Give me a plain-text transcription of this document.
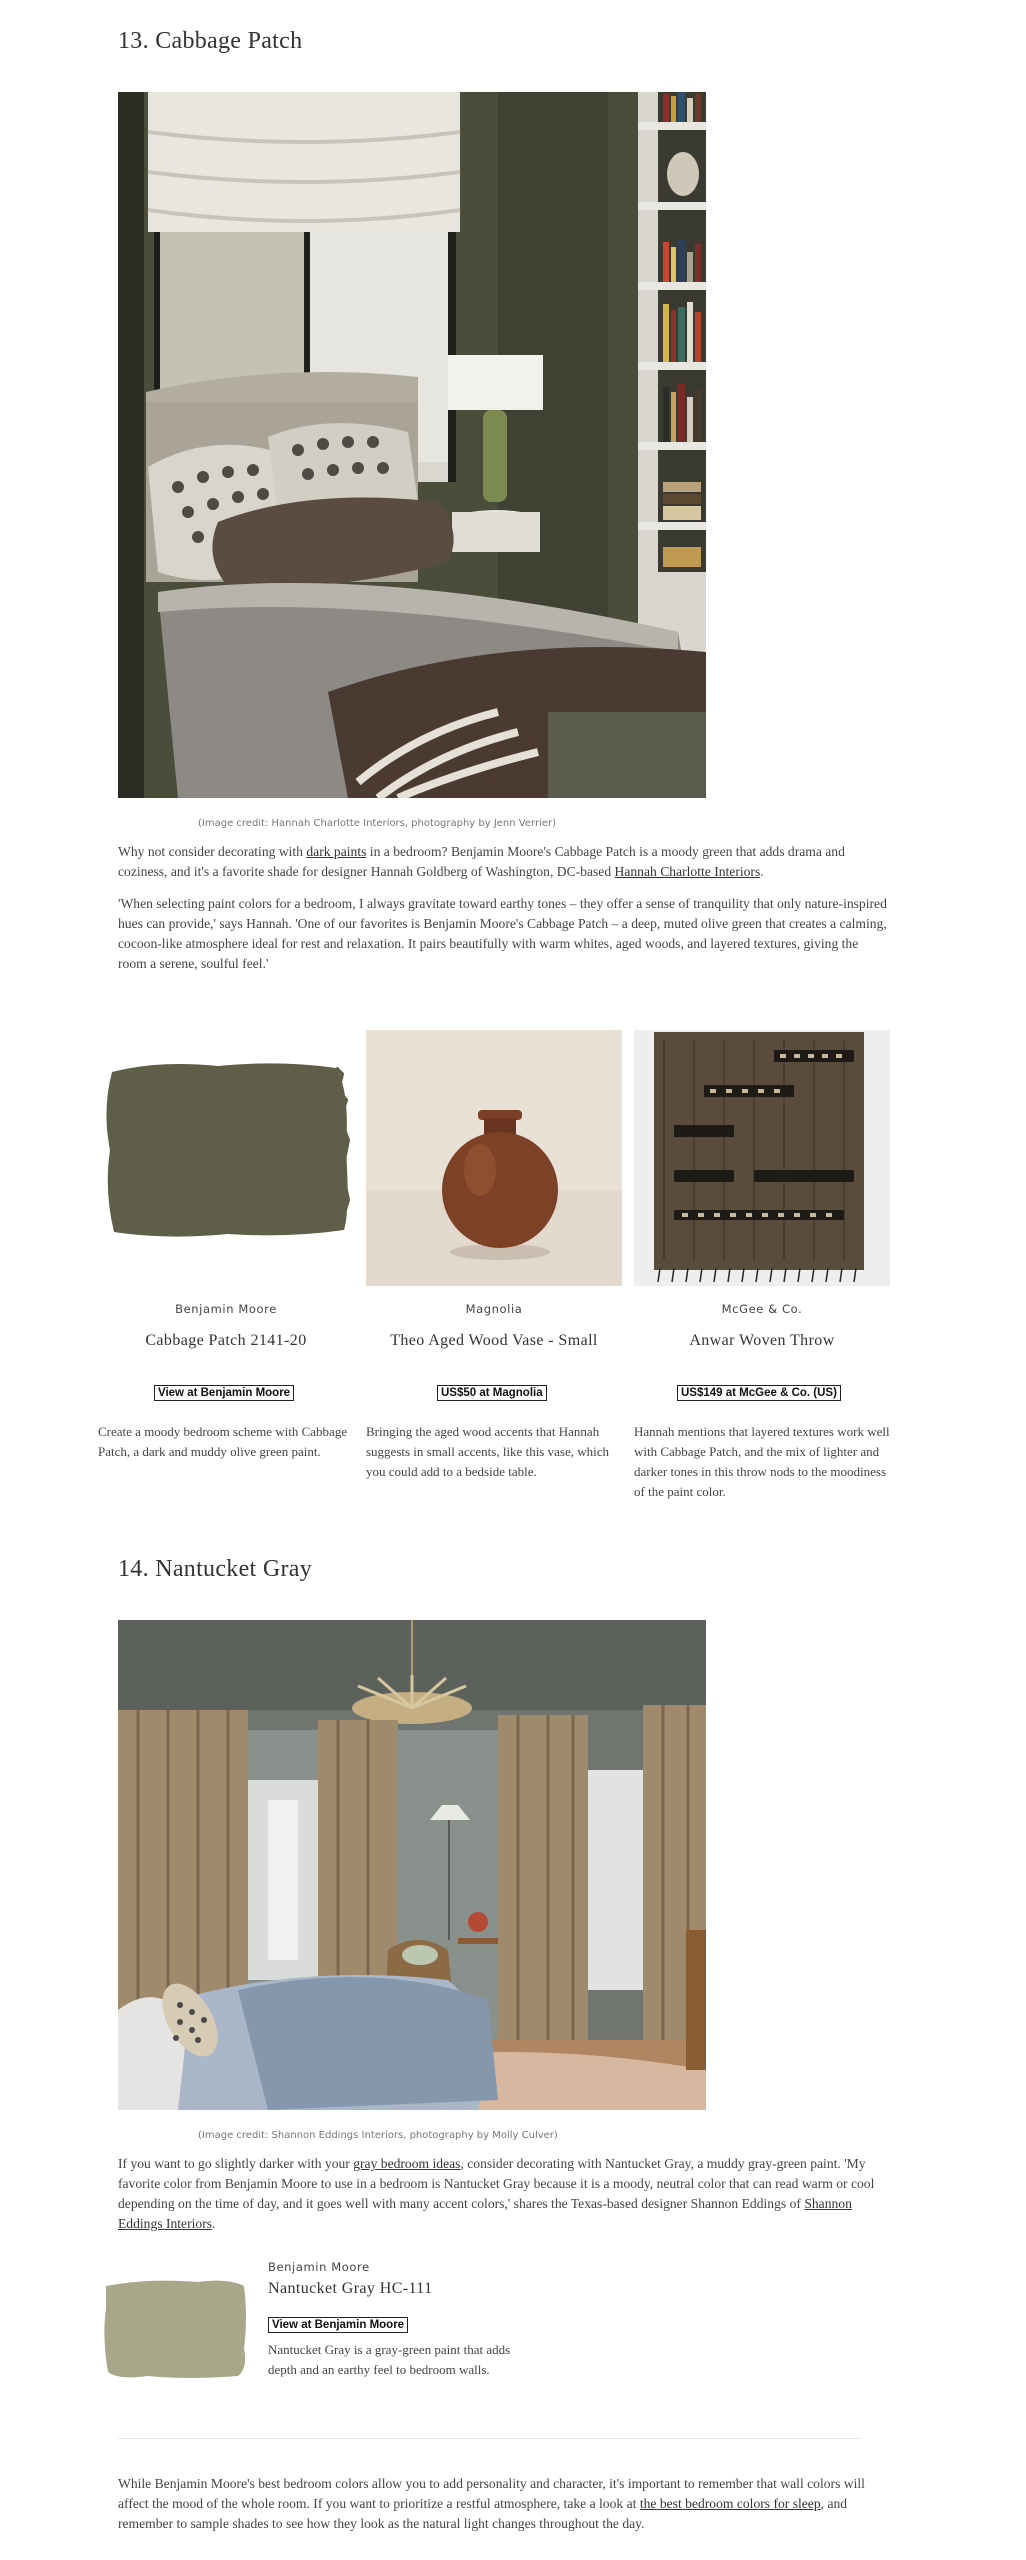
13. Cabbage Patch
(Image credit: Hannah Charlotte Interiors, photography by Jenn Verrier)

Why not consider decorating with dark paints in a bedroom? Benjamin Moore's Cabbage Patch is a moody green that adds drama and coziness, and it's a favorite shade for designer Hannah Goldberg of Washington, DC-based Hannah Charlotte Interiors.

'When selecting paint colors for a bedroom, I always gravitate toward earthy tones – they offer a sense of tranquility that only nature-inspired hues can provide,' says Hannah. 'One of our favorites is Benjamin Moore's Cabbage Patch – a deep, muted olive green that creates a calming, cocoon-like atmosphere ideal for rest and relaxation. It pairs beautifully with warm whites, aged woods, and layered textures, giving the room a serene, soulful feel.'

Benjamin Moore	Magnolia	McGee & Co.
Cabbage Patch 2141-20	Theo Aged Wood Vase - Small	Anwar Woven Throw
View at Benjamin Moore	US$50 at Magnolia	US$149 at McGee & Co. (US)

Create a moody bedroom scheme with Cabbage Patch, a dark and muddy olive green paint.

Bringing the aged wood accents that Hannah suggests in small accents, like this vase, which you could add to a bedside table.

Hannah mentions that layered textures work well with Cabbage Patch, and the mix of lighter and darker tones in this throw nods to the moodiness of the paint color.

14. Nantucket Gray
(Image credit: Shannon Eddings Interiors, photography by Molly Culver)

If you want to go slightly darker with your gray bedroom ideas, consider decorating with Nantucket Gray, a muddy gray-green paint. 'My favorite color from Benjamin Moore to use in a bedroom is Nantucket Gray because it is a moody, neutral color that can read warm or cool depending on the time of day, and it goes well with many accent colors,' shares the Texas-based designer Shannon Eddings of Shannon Eddings Interiors.

Benjamin Moore
Nantucket Gray HC-111
View at Benjamin Moore

Nantucket Gray is a gray-green paint that adds depth and an earthy feel to bedroom walls.

While Benjamin Moore's best bedroom colors allow you to add personality and character, it's important to remember that wall colors will affect the mood of the whole room. If you want to prioritize a restful atmosphere, take a look at the best bedroom colors for sleep, and remember to sample shades to see how they look as the natural light changes throughout the day.
